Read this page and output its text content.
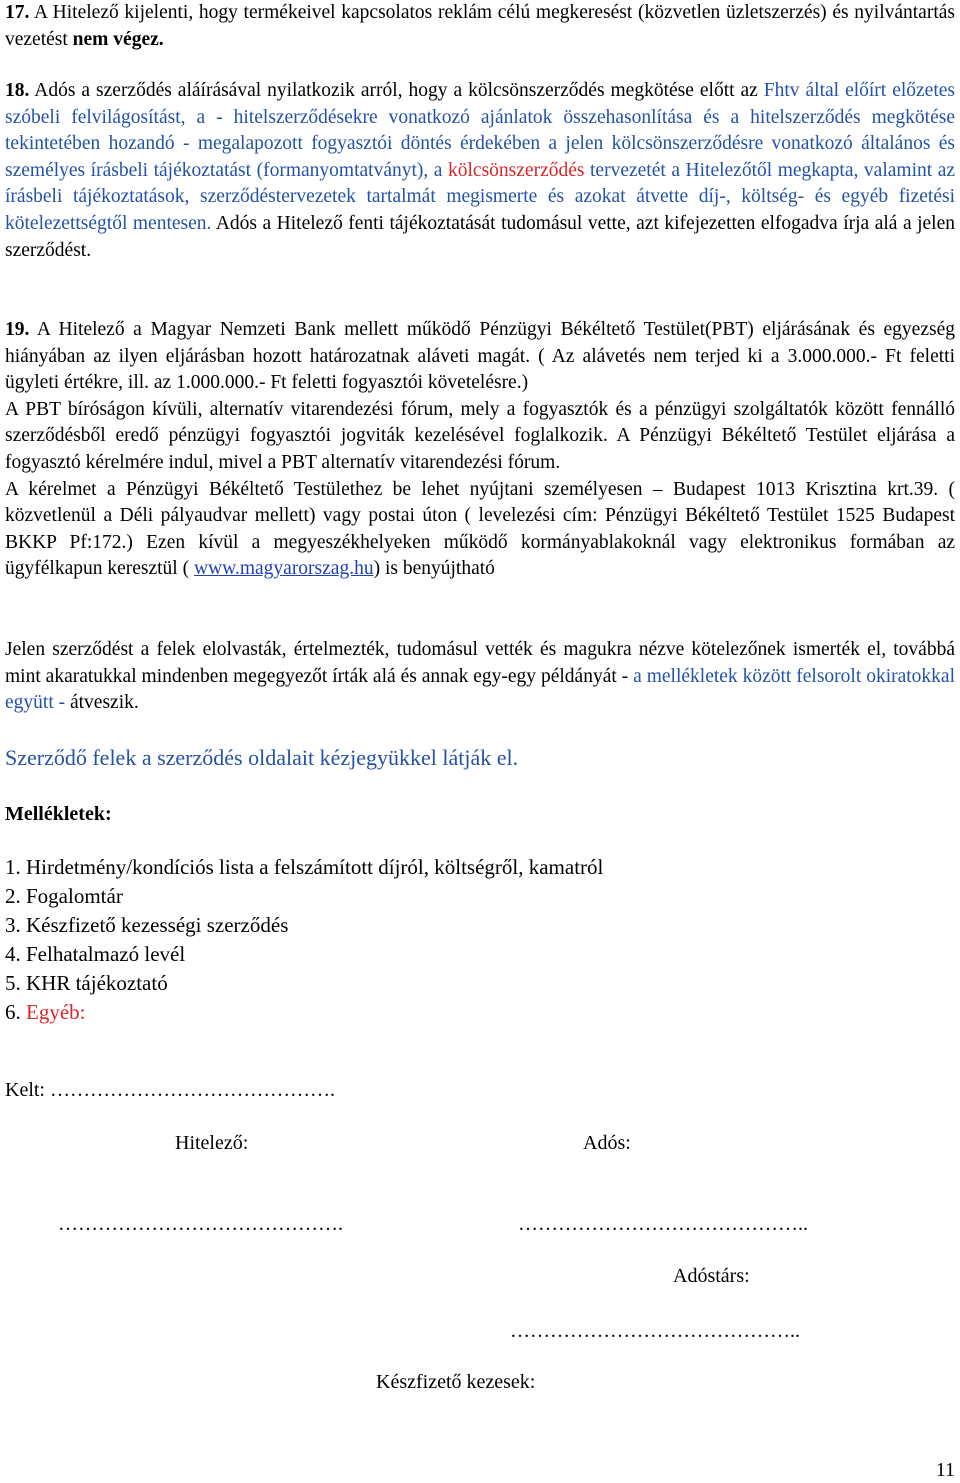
17. A Hitelező kijelenti, hogy termékeivel kapcsolatos reklám célú megkeresést (közvetlen üzletszerzés) és nyilvántartás vezetést nem végez.

18. Adós a szerződés aláírásával nyilatkozik arról, hogy a kölcsönszerződés megkötése előtt az Fhtv által előírt előzetes szóbeli felvilágosítást, a - hitelszerződésekre vonatkozó ajánlatok összehasonlítása és a hitelszerződés megkötése tekintetében hozandó - megalapozott fogyasztói döntés érdekében a jelen kölcsönszerződésre vonatkozó általános és személyes írásbeli tájékoztatást (formanyomtatványt), a kölcsönszerződés tervezetét a Hitelezőtől megkapta, valamint az írásbeli tájékoztatások, szerződéstervezetek tartalmát megismerte és azokat átvette díj-, költség- és egyéb fizetési kötelezettségtől mentesen. Adós a Hitelező fenti tájékoztatását tudomásul vette, azt kifejezetten elfogadva írja alá a jelen szerződést.

19. A Hitelező a Magyar Nemzeti Bank mellett működő Pénzügyi Békéltető Testület(PBT) eljárásának és egyezség hiányában az ilyen eljárásban hozott határozatnak aláveti magát. ( Az alávetés nem terjed ki a 3.000.000.- Ft feletti ügyleti értékre, ill. az 1.000.000.- Ft feletti fogyasztói követelésre.)
A PBT bíróságon kívüli, alternatív vitarendezési fórum, mely a fogyasztók és a pénzügyi szolgáltatók között fennálló szerződésből eredő pénzügyi fogyasztói jogviták kezelésével foglalkozik. A Pénzügyi Békéltető Testület eljárása a fogyasztó kérelmére indul, mivel a PBT alternatív vitarendezési fórum.
A kérelmet a Pénzügyi Békéltető Testülethez be lehet nyújtani személyesen – Budapest 1013 Krisztina krt.39. ( közvetlenül a Déli pályaudvar mellett) vagy postai úton ( levelezési cím: Pénzügyi Békéltető Testület 1525 Budapest BKKP Pf:172.) Ezen kívül a megyeszékhelyeken működő kormányablakoknál vagy elektronikus formában az ügyfélkapun keresztül ( www.magyarorszag.hu) is benyújtható

Jelen szerződést a felek elolvasták, értelmezték, tudomásul vették és magukra nézve kötelezőnek ismerték el, továbbá mint akaratukkal mindenben megegyezőt írták alá és annak egy-egy példányát - a mellékletek között felsorolt okiratokkal együtt - átveszik.

Szerződő felek a szerződés oldalait kézjegyükkel látják el.

Mellékletek:

1. Hirdetmény/kondíciós lista a felszámított díjról, költségről, kamatról
2. Fogalomtár
3. Készfizető kezességi szerződés
4. Felhatalmazó levél
5. KHR tájékoztató
6. Egyéb:

Kelt: …………………………………….

Hitelező:	Adós:

…………………………………….	……………………………………..

Adóstárs:

……………………………………..

Készfizető kezesek:

11
